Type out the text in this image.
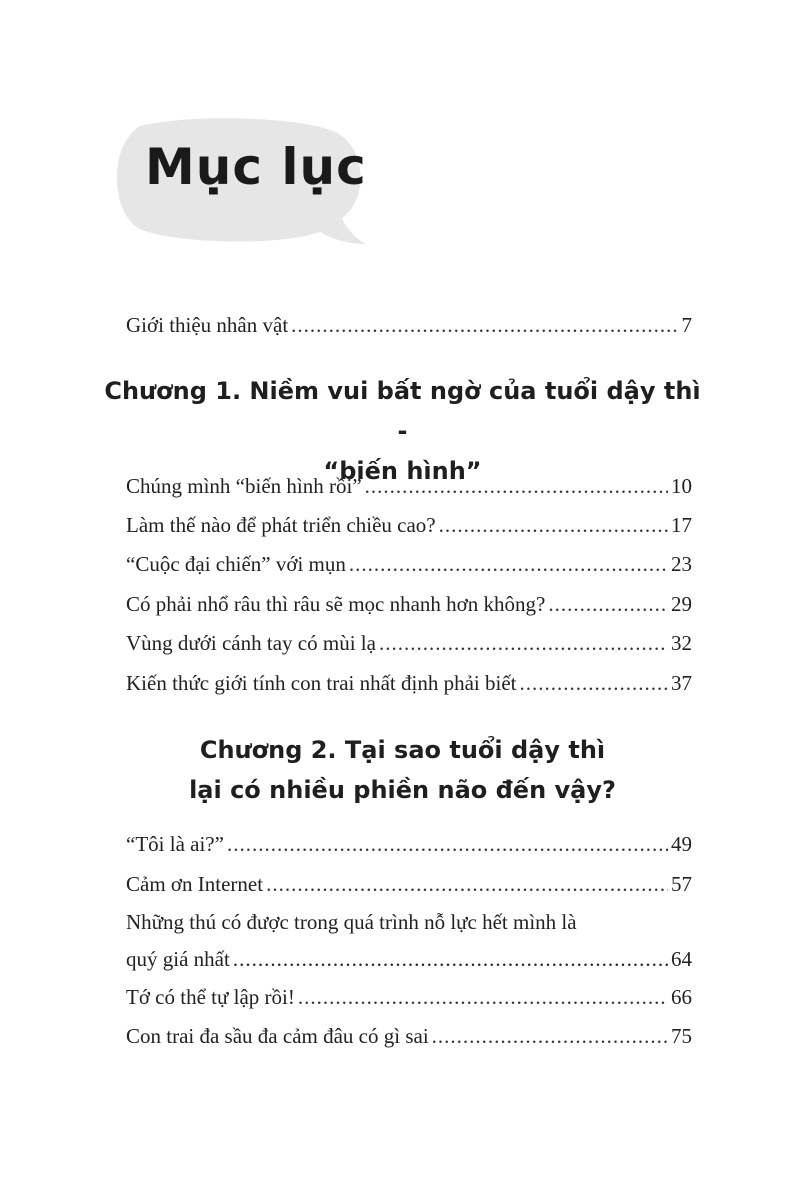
Mục lục
Giới thiệu nhân vật .....	7
Chương 1. Niềm vui bất ngờ của tuổi dậy thì -
“biến hình”
Chúng mình “biến hình rồi” .....	10
Làm thế nào để phát triển chiều cao? .....	17
“Cuộc đại chiến” với mụn .....	23
Có phải nhổ râu thì râu sẽ mọc nhanh hơn không? .....	29
Vùng dưới cánh tay có mùi lạ .....	32
Kiến thức giới tính con trai nhất định phải biết .....	37
Chương 2. Tại sao tuổi dậy thì
lại có nhiều phiền não đến vậy?
“Tôi là ai?” .....	49
Cảm ơn Internet .....	57
Những thú có được trong quá trình nỗ lực hết mình là
quý giá nhất .....	64
Tớ có thể tự lập rồi! .....	66
Con trai đa sầu đa cảm đâu có gì sai .....	75
